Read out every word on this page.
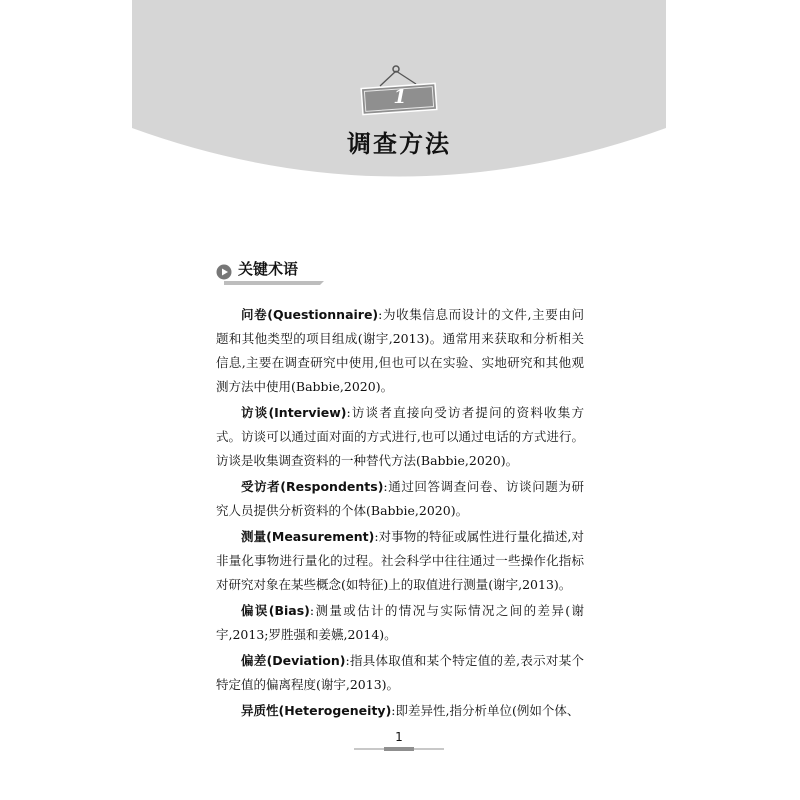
1
调查方法
关键术语

问卷(Questionnaire):为收集信息而设计的文件,主要由问题和其他类型的项目组成(谢宇,2013)。通常用来获取和分析相关信息,主要在调查研究中使用,但也可以在实验、实地研究和其他观测方法中使用(Babbie,2020)。

访谈(Interview):访谈者直接向受访者提问的资料收集方式。访谈可以通过面对面的方式进行,也可以通过电话的方式进行。访谈是收集调查资料的一种替代方法(Babbie,2020)。

受访者(Respondents):通过回答调查问卷、访谈问题为研究人员提供分析资料的个体(Babbie,2020)。

测量(Measurement):对事物的特征或属性进行量化描述,对非量化事物进行量化的过程。社会科学中往往通过一些操作化指标对研究对象在某些概念(如特征)上的取值进行测量(谢宇,2013)。

偏误(Bias):测量或估计的情况与实际情况之间的差异(谢宇,2013;罗胜强和姜嬿,2014)。

偏差(Deviation):指具体取值和某个特定值的差,表示对某个特定值的偏离程度(谢宇,2013)。

异质性(Heterogeneity):即差异性,指分析单位(例如个体、

1
